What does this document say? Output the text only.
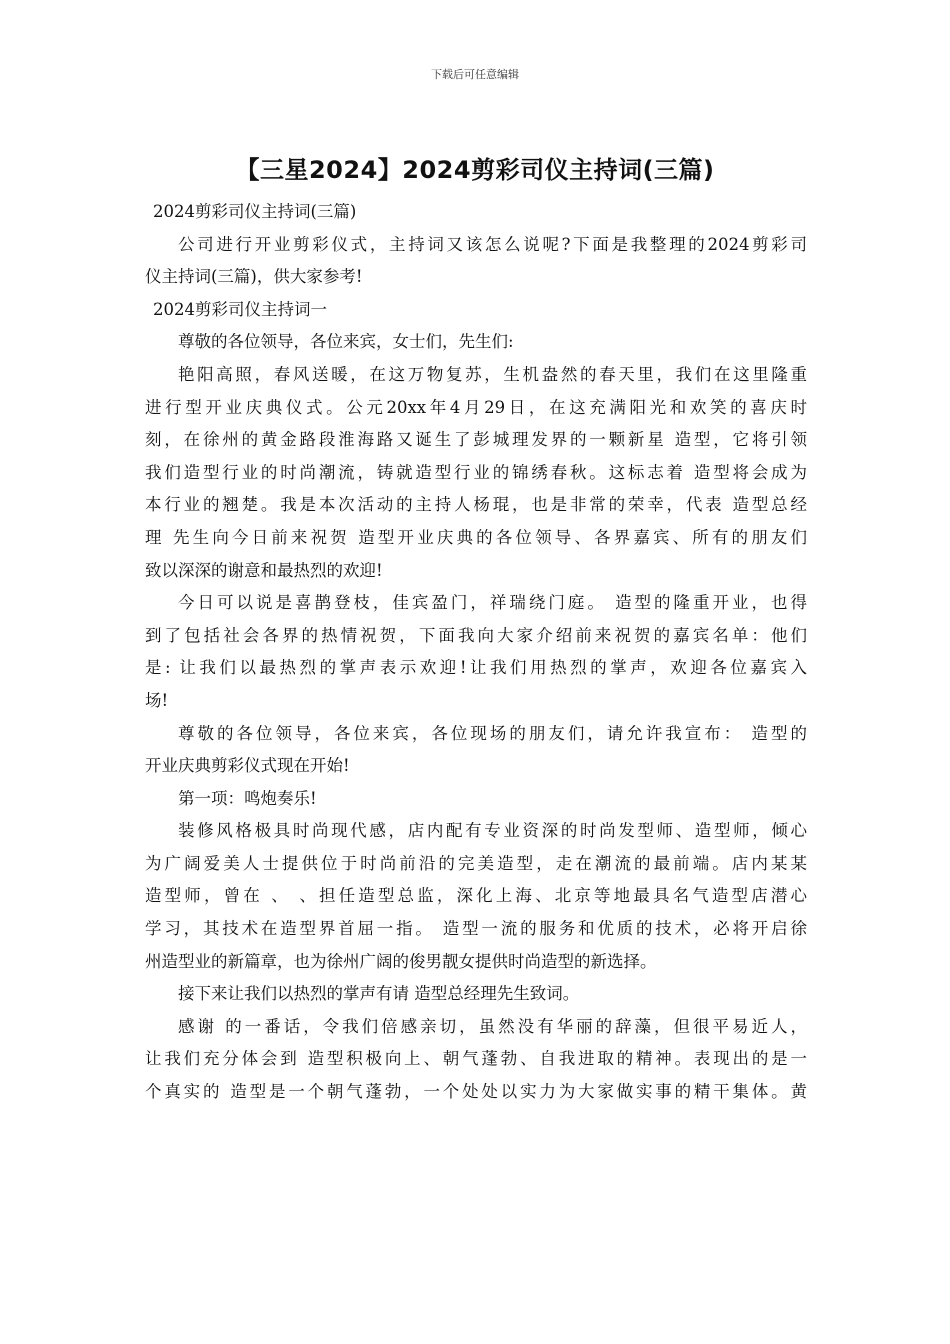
下载后可任意编辑
【三星2024】2024剪彩司仪主持词(三篇)
2024剪彩司仪主持词(三篇)
公司进行开业剪彩仪式，主持词又该怎么说呢?下面是我整理的2024剪彩司
仪主持词(三篇)，供大家参考!
2024剪彩司仪主持词一
尊敬的各位领导，各位来宾，女士们，先生们:
艳阳高照，春风送暖，在这万物复苏，生机盎然的春天里，我们在这里隆重
进行型开业庆典仪式。公元20xx年4月29日，在这充满阳光和欢笑的喜庆时
刻，在徐州的黄金路段淮海路又诞生了彭城理发界的一颗新星 造型，它将引领
我们造型行业的时尚潮流，铸就造型行业的锦绣春秋。这标志着 造型将会成为
本行业的翘楚。我是本次活动的主持人杨琨，也是非常的荣幸，代表 造型总经
理 先生向今日前来祝贺 造型开业庆典的各位领导、各界嘉宾、所有的朋友们
致以深深的谢意和最热烈的欢迎!
今日可以说是喜鹊登枝，佳宾盈门，祥瑞绕门庭。 造型的隆重开业，也得
到了包括社会各界的热情祝贺，下面我向大家介绍前来祝贺的嘉宾名单：他们
是: 让我们以最热烈的掌声表示欢迎!让我们用热烈的掌声，欢迎各位嘉宾入
场!
尊敬的各位领导，各位来宾，各位现场的朋友们，请允许我宣布： 造型的
开业庆典剪彩仪式现在开始!
第一项：鸣炮奏乐!
装修风格极具时尚现代感，店内配有专业资深的时尚发型师、造型师，倾心
为广阔爱美人士提供位于时尚前沿的完美造型，走在潮流的最前端。店内某某
造型师，曾在 、 、担任造型总监，深化上海、北京等地最具名气造型店潜心
学习，其技术在造型界首屈一指。 造型一流的服务和优质的技术，必将开启徐
州造型业的新篇章，也为徐州广阔的俊男靓女提供时尚造型的新选择。
接下来让我们以热烈的掌声有请 造型总经理先生致词。
感谢 的一番话，令我们倍感亲切，虽然没有华丽的辞藻，但很平易近人，
让我们充分体会到 造型积极向上、朝气蓬勃、自我进取的精神。表现出的是一
个真实的 造型是一个朝气蓬勃，一个处处以实力为大家做实事的精干集体。黄
